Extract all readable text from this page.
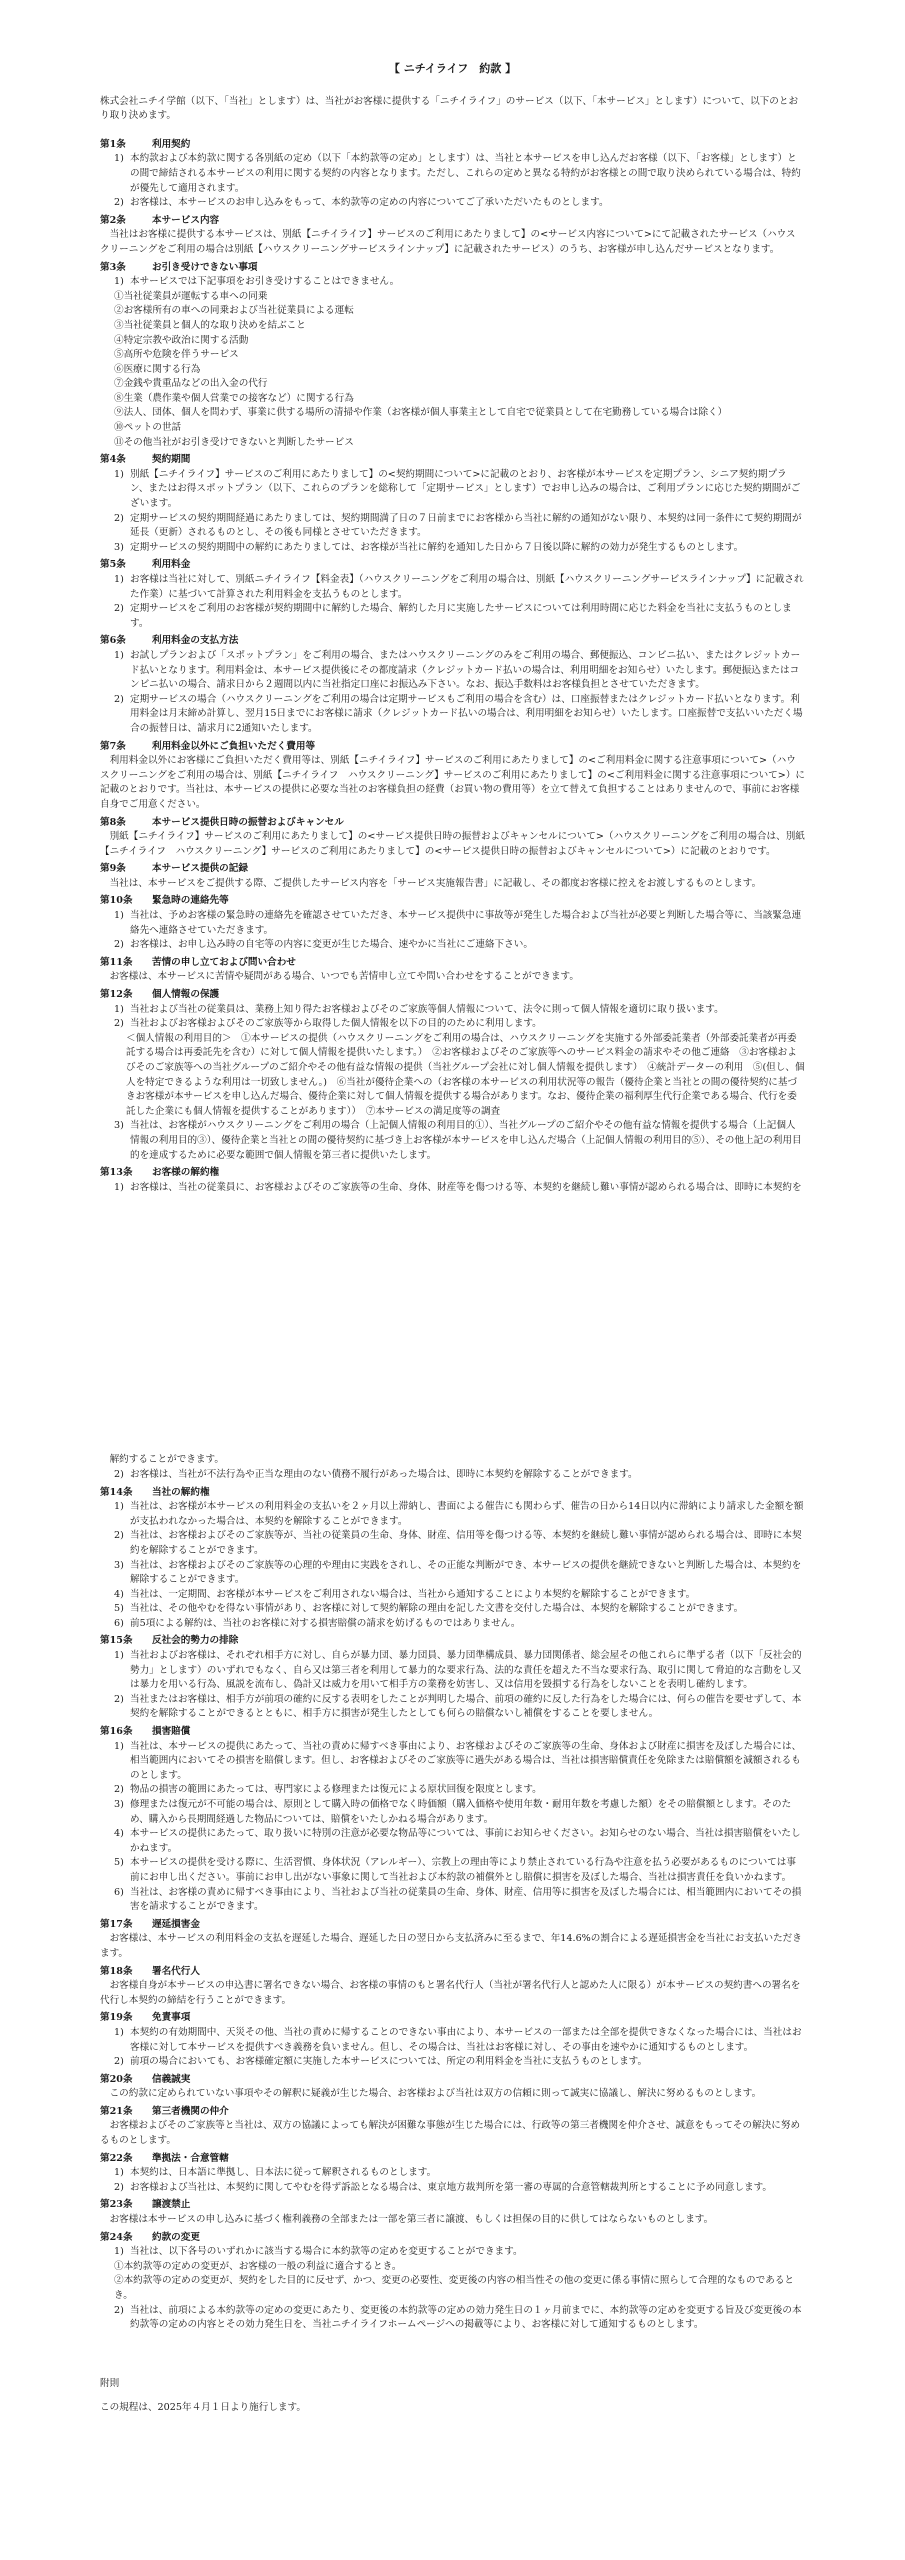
【 ニチイライフ　約款 】

株式会社ニチイ学館（以下、「当社」とします）は、当社がお客様に提供する「ニチイライフ」のサービス（以下、「本サービス」とします）について、以下のとおり取り決めます。

第1条	利用契約
1) 本約款および本約款に関する各別紙の定め（以下「本約款等の定め」とします）は、当社と本サービスを申し込んだお客様（以下、「お客様」とします）との間で締結される本サービスの利用に関する契約の内容となります。ただし、これらの定めと異なる特約がお客様との間で取り決められている場合は、特約が優先して適用されます。
2) お客様は、本サービスのお申し込みをもって、本約款等の定めの内容についてご了承いただいたものとします。
第2条	本サービス内容

当社はお客様に提供する本サービスは、別紙【ニチイライフ】サービスのご利用にあたりまして】の<サービス内容について>にて記載されたサービス（ハウスクリーニングをご利用の場合は別紙【ハウスクリーニングサービスラインナップ】に記載されたサービス）のうち、お客様が申し込んだサービスとなります。

第3条	お引き受けできない事項
1) 本サービスでは下記事項をお引き受けすることはできません。
①当社従業員が運転する車への同乗
②お客様所有の車への同乗および当社従業員による運転
③当社従業員と個人的な取り決めを結ぶこと
④特定宗教や政治に関する活動
⑤高所や危険を伴うサービス
⑥医療に関する行為
⑦金銭や貴重品などの出入金の代行
⑧生業（農作業や個人営業での接客など）に関する行為
⑨法人、団体、個人を問わず、事業に供する場所の清掃や作業（お客様が個人事業主として自宅で従業員として在宅勤務している場合は除く）
⑩ペットの世話
⑪その他当社がお引き受けできないと判断したサービス
第4条	契約期間
1) 別紙【ニチイライフ】サービスのご利用にあたりまして】の<契約期間について>に記載のとおり、お客様が本サービスを定期プラン、シニア契約期プラン、またはお得スポットプラン（以下、これらのプランを総称して「定期サービス」とします）でお申し込みの場合は、ご利用プランに応じた契約期間がございます。
2) 定期サービスの契約期間経過にあたりましては、契約期間満了日の７日前までにお客様から当社に解約の通知がない限り、本契約は同一条件にて契約期間が延長（更新）されるものとし、その後も同様とさせていただきます。
3) 定期サービスの契約期間中の解約にあたりましては、お客様が当社に解約を通知した日から７日後以降に解約の効力が発生するものとします。
第5条	利用料金
1) お客様は当社に対して、別紙ニチイライフ【料金表】（ハウスクリーニングをご利用の場合は、別紙【ハウスクリーニングサービスラインナップ】に記載された作業）に基づいて計算された利用料金を支払うものとします。
2) 定期サービスをご利用のお客様が契約期間中に解約した場合、解約した月に実施したサービスについては利用時間に応じた料金を当社に支払うものとします。
第6条	利用料金の支払方法
1) お試しプランおよび「スポットプラン」をご利用の場合、またはハウスクリーニングのみをご利用の場合、郵便振込、コンビニ払い、またはクレジットカード払いとなります。利用料金は、本サービス提供後にその都度請求（クレジットカード払いの場合は、利用明細をお知らせ）いたします。郵便振込またはコンビニ払いの場合、請求日から２週間以内に当社指定口座にお振込み下さい。なお、振込手数料はお客様負担とさせていただきます。
2) 定期サービスの場合（ハウスクリーニングをご利用の場合は定期サービスもご利用の場合を含む）は、口座振替またはクレジットカード払いとなります。利用料金は月末締め計算し、翌月15日までにお客様に請求（クレジットカード払いの場合は、利用明細をお知らせ）いたします。口座振替で支払いいただく場合の振替日は、請求月に2通知いたします。
第7条	利用料金以外にご負担いただく費用等

利用料金以外にお客様にご負担いただく費用等は、別紙【ニチイライフ】サービスのご利用にあたりまして】の<ご利用料金に関する注意事項について>（ハウスクリーニングをご利用の場合は、別紙【ニチイライフ　ハウスクリーニング】サービスのご利用にあたりまして】の<ご利用料金に関する注意事項について>）に記載のとおりです。当社は、本サービスの提供に必要な当社のお客様負担の経費（お買い物の費用等）を立て替えて負担することはありませんので、事前にお客様自身でご用意ください。

第8条	本サービス提供日時の振替およびキャンセル

別紙【ニチイライフ】サービスのご利用にあたりまして】の<サービス提供日時の振替およびキャンセルについて>（ハウスクリーニングをご利用の場合は、別紙【ニチイライフ　ハウスクリーニング】サービスのご利用にあたりまして】の<サービス提供日時の振替およびキャンセルについて>）に記載のとおりです。

第9条	本サービス提供の記録

当社は、本サービスをご提供する際、ご提供したサービス内容を「サービス実施報告書」に記載し、その都度お客様に控えをお渡しするものとします。

第10条 緊急時の連絡先等
1) 当社は、予めお客様の緊急時の連絡先を確認させていただき、本サービス提供中に事故等が発生した場合および当社が必要と判断した場合等に、当該緊急連絡先へ連絡させていただきます。
2) お客様は、お申し込み時の自宅等の内容に変更が生じた場合、速やかに当社にご連絡下さい。
第11条 苦情の申し立ておよび問い合わせ

お客様は、本サービスに苦情や疑問がある場合、いつでも苦情申し立てや問い合わせをすることができます。

第12条 個人情報の保護
1) 当社および当社の従業員は、業務上知り得たお客様およびそのご家族等個人情報について、法令に則って個人情報を適切に取り扱います。
2) 当社およびお客様およびそのご家族等から取得した個人情報を以下の目的のために利用します。
＜個人情報の利用目的＞　①本サービスの提供（ハウスクリーニングをご利用の場合は、ハウスクリーニングを実施する外部委託業者（外部委託業者が再委託する場合は再委託先を含む）に対して個人情報を提供いたします。）　②お客様およびそのご家族等へのサービス料金の請求やその他ご連絡　③お客様およびそのご家族等への当社グループのご紹介やその他有益な情報の提供（当社グループ会社に対し個人情報を提供します）　④統計データーの利用　⑤(但し、個人を特定できるような利用は一切致しません。)　⑥当社が優待企業への（お客様の本サービスの利用状況等の報告（優待企業と当社との間の優待契約に基づきお客様が本サービスを申し込んだ場合、優待企業に対して個人情報を提供する場合があります。なお、優待企業の福利厚生代行企業である場合、代行を委託した企業にも個人情報を提供することがあります））　⑦本サービスの満足度等の調査
3) 当社は、お客様がハウスクリーニングをご利用の場合（上記個人情報の利用目的①）、当社グループのご紹介やその他有益な情報を提供する場合（上記個人情報の利用目的③）、優待企業と当社との間の優待契約に基づき上お客様が本サービスを申し込んだ場合（上記個人情報の利用目的⑤）、その他上記の利用目的を達成するために必要な範囲で個人情報を第三者に提供いたします。
第13条 お客様の解約権
1) お客様は、当社の従業員に、お客様およびそのご家族等の生命、身体、財産等を傷つける等、本契約を継続し難い事情が認められる場合は、即時に本契約を

解約することができます。

2) お客様は、当社が不法行為や正当な理由のない債務不履行があった場合は、即時に本契約を解除することができます。
第14条 当社の解約権
1) 当社は、お客様が本サービスの利用料金の支払いを２ヶ月以上滞納し、書面による催告にも関わらず、催告の日から14日以内に滞納により請求した金額を額が支払われなかった場合は、本契約を解除することができます。
2) 当社は、お客様およびそのご家族等が、当社の従業員の生命、身体、財産、信用等を傷つける等、本契約を継続し難い事情が認められる場合は、即時に本契約を解除することができます。
3) 当社は、お客様およびそのご家族等の心理的や理由に実践をされし、その正能な判断ができ、本サービスの提供を継続できないと判断した場合は、本契約を解除することができます。
4) 当社は、一定期間、お客様が本サービスをご利用されない場合は、当社から通知することにより本契約を解除することができます。
5) 当社は、その他やむを得ない事情があり、お客様に対して契約解除の理由を記した文書を交付した場合は、本契約を解除することができます。
6) 前5項による解約は、当社のお客様に対する損害賠償の請求を妨げるものではありません。
第15条 反社会的勢力の排除
1) 当社およびお客様は、それぞれ相手方に対し、自らが暴力団、暴力団員、暴力団準構成員、暴力団関係者、総会屋その他これらに準ずる者（以下「反社会的勢力」とします）のいずれでもなく、自ら又は第三者を利用して暴力的な要求行為、法的な責任を超えた不当な要求行為、取引に関して脅迫的な言動をし又は暴力を用いる行為、風説を流布し、偽計又は威力を用いて相手方の業務を妨害し、又は信用を毀損する行為をしないことを表明し確約します。
2) 当社またはお客様は、相手方が前項の確約に反する表明をしたことが判明した場合、前項の確約に反した行為をした場合には、何らの催告を要せずして、本契約を解除することができるとともに、相手方に損害が発生したとしても何らの賠償ないし補償をすることを要しません。
第16条 損害賠償
1) 当社は、本サービスの提供にあたって、当社の責めに帰すべき事由により、お客様およびそのご家族等の生命、身体および財産に損害を及ぼした場合には、相当範囲内においてその損害を賠償します。但し、お客様およびそのご家族等に過失がある場合は、当社は損害賠償責任を免除または賠償額を減額されるものとします。
2) 物品の損害の範囲にあたっては、専門家による修理または復元による原状回復を限度とします。
3) 修理または復元が不可能の場合は、原則として購入時の価格でなく時価額（購入価格や使用年数・耐用年数を考慮した額）をその賠償額とします。そのため、購入から長期間経過した物品については、賠償をいたしかねる場合があります。
4) 本サービスの提供にあたって、取り扱いに特別の注意が必要な物品等については、事前にお知らせください。お知らせのない場合、当社は損害賠償をいたしかねます。
5) 本サービスの提供を受ける際に、生活習慣、身体状況（アレルギー）、宗教上の理由等により禁止されている行為や注意を払う必要があるものについては事前にお申し出ください。事前にお申し出がない事象に関して当社および本約款の補償外とし賠償に損害を及ぼした場合、当社は損害責任を負いかねます。
6) 当社は、お客様の責めに帰すべき事由により、当社および当社の従業員の生命、身体、財産、信用等に損害を及ぼした場合には、相当範囲内においてその損害を請求することができます。
第17条 遅延損害金

お客様は、本サービスの利用料金の支払を遅延した場合、遅延した日の翌日から支払済みに至るまで、年14.6%の割合による遅延損害金を当社にお支払いただきます。

第18条 署名代行人

お客様自身が本サービスの申込書に署名できない場合、お客様の事情のもと署名代行人（当社が署名代行人と認めた人に限る）が本サービスの契約書への署名を代行し本契約の締結を行うことができます。

第19条 免責事項
1) 本契約の有効期間中、天災その他、当社の責めに帰することのできない事由により、本サービスの一部または全部を提供できなくなった場合には、当社はお客様に対して本サービスを提供すべき義務を負いません。但し、その場合は、当社はお客様に対し、その事由を速やかに通知するものとします。
2) 前項の場合においても、お客様確定額に実施した本サービスについては、所定の利用料金を当社に支払うものとします。
第20条 信義誠実

この約款に定められていない事項やその解釈に疑義が生じた場合、お客様および当社は双方の信頼に則って誠実に協議し、解決に努めるものとします。

第21条 第三者機関の仲介

お客様およびそのご家族等と当社は、双方の協議によっても解決が困難な事態が生じた場合には、行政等の第三者機関を仲介させ、誠意をもってその解決に努めるものとします。

第22条 準拠法・合意管轄
1) 本契約は、日本語に準拠し、日本法に従って解釈されるものとします。
2) お客様および当社は、本契約に関してやむを得ず訴訟となる場合は、東京地方裁判所を第一審の専属的合意管轄裁判所とすることに予め同意します。
第23条 譲渡禁止

お客様は本サービスの申し込みに基づく権利義務の全部または一部を第三者に譲渡、もしくは担保の目的に供してはならないものとします。

第24条 約款の変更
1) 当社は、以下各号のいずれかに該当する場合に本約款等の定めを変更することができます。
①本約款等の定めの変更が、お客様の一般の利益に適合するとき。
②本約款等の定めの変更が、契約をした目的に反せず、かつ、変更の必要性、変更後の内容の相当性その他の変更に係る事情に照らして合理的なものであるとき。
2) 当社は、前項による本約款等の定めの変更にあたり、変更後の本約款等の定めの効力発生日の１ヶ月前までに、本約款等の定めを変更する旨及び変更後の本約款等の定めの内容とその効力発生日を、当社ニチイライフホームページへの掲載等により、お客様に対して通知するものとします。

附則

この規程は、2025年４月１日より施行します。
